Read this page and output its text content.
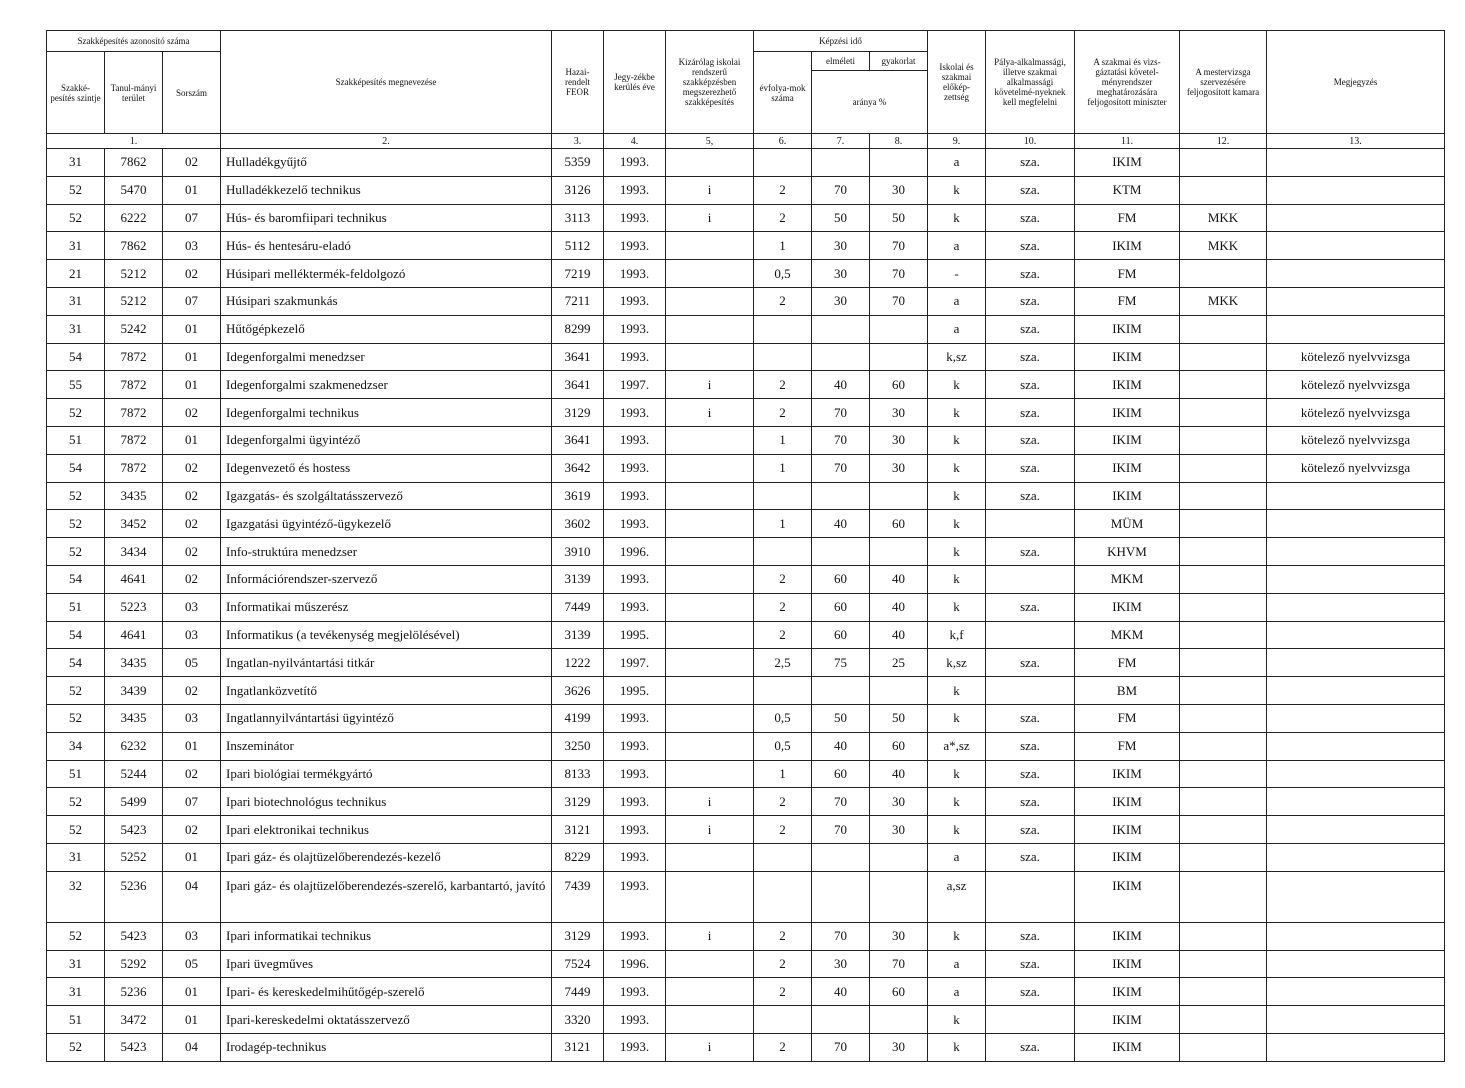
Szakképesítés azonosító száma			Szakképesítés megnevezése	Hazai-rendelt FEOR	Jegy-zékbe kerülés éve	Kizárólag iskolai rendszerű szakképzésben megszerezhető szakképesítés	Képzési idő			Iskolai és szakmai előkép-zettség	Pálya-alkalmassági, illetve szakmai alkalmassági követelmé-nyeknek kell megfelelni	A szakmai és vizs-gáztatási követel-ményrendszer meghatározására feljogosított miniszter	A mestervizsga szervezésére feljogosított kamara	Megjegyzés
Szakké-pesítés szintje	Tanul-mányi terület	Sorszám					évfolya-mok száma	elméleti	gyakorlat					
								aránya %						
1.			2.	3.	4.	5,	6.	7.	8.	9.	10.	11.	12.	13.
31	7862	02	Hulladékgyűjtő	5359	1993.					a	sza.	IKIM		
52	5470	01	Hulladékkezelő technikus	3126	1993.	i	2	70	30	k	sza.	KTM		
52	6222	07	Hús- és baromfiipari technikus	3113	1993.	i	2	50	50	k	sza.	FM	MKK	
31	7862	03	Hús- és hentesáru-eladó	5112	1993.		1	30	70	a	sza.	IKIM	MKK	
21	5212	02	Húsipari melléktermék-feldolgozó	7219	1993.		0,5	30	70	-	sza.	FM		
31	5212	07	Húsipari szakmunkás	7211	1993.		2	30	70	a	sza.	FM	MKK	
31	5242	01	Hűtőgépkezelő	8299	1993.					a	sza.	IKIM		
54	7872	01	Idegenforgalmi menedzser	3641	1993.					k,sz	sza.	IKIM		kötelező nyelvvizsga
55	7872	01	Idegenforgalmi szakmenedzser	3641	1997.	i	2	40	60	k	sza.	IKIM		kötelező nyelvvizsga
52	7872	02	Idegenforgalmi technikus	3129	1993.	i	2	70	30	k	sza.	IKIM		kötelező nyelvvizsga
51	7872	01	Idegenforgalmi ügyintéző	3641	1993.		1	70	30	k	sza.	IKIM		kötelező nyelvvizsga
54	7872	02	Idegenvezető és hostess	3642	1993.		1	70	30	k	sza.	IKIM		kötelező nyelvvizsga
52	3435	02	Igazgatás- és szolgáltatásszervező	3619	1993.					k	sza.	IKIM		
52	3452	02	Igazgatási ügyintéző-ügykezelő	3602	1993.		1	40	60	k		MÜM		
52	3434	02	Info-struktúra menedzser	3910	1996.					k	sza.	KHVM		
54	4641	02	Információrendszer-szervező	3139	1993.		2	60	40	k		MKM		
51	5223	03	Informatikai műszerész	7449	1993.		2	60	40	k	sza.	IKIM		
54	4641	03	Informatikus (a tevékenység megjelölésével)	3139	1995.		2	60	40	k,f		MKM		
54	3435	05	Ingatlan-nyilvántartási titkár	1222	1997.		2,5	75	25	k,sz	sza.	FM		
52	3439	02	Ingatlanközvetítő	3626	1995.					k		BM		
52	3435	03	Ingatlannyilvántartási ügyintéző	4199	1993.		0,5	50	50	k	sza.	FM		
34	6232	01	Inszeminátor	3250	1993.		0,5	40	60	a*,sz	sza.	FM		
51	5244	02	Ipari biológiai termékgyártó	8133	1993.		1	60	40	k	sza.	IKIM		
52	5499	07	Ipari biotechnológus technikus	3129	1993.	i	2	70	30	k	sza.	IKIM		
52	5423	02	Ipari elektronikai technikus	3121	1993.	i	2	70	30	k	sza.	IKIM		
31	5252	01	Ipari gáz- és olajtüzelőberendezés-kezelő	8229	1993.					a	sza.	IKIM		
32	5236	04	Ipari gáz- és olajtüzelőberendezés-szerelő, karbantartó, javító	7439	1993.					a,sz		IKIM		
52	5423	03	Ipari informatikai technikus	3129	1993.	i	2	70	30	k	sza.	IKIM		
31	5292	05	Ipari üvegműves	7524	1996.		2	30	70	a	sza.	IKIM		
31	5236	01	Ipari- és kereskedelmihűtőgép-szerelő	7449	1993.		2	40	60	a	sza.	IKIM		
51	3472	01	Ipari-kereskedelmi oktatásszervező	3320	1993.					k		IKIM		
52	5423	04	Irodagép-technikus	3121	1993.	i	2	70	30	k	sza.	IKIM		
